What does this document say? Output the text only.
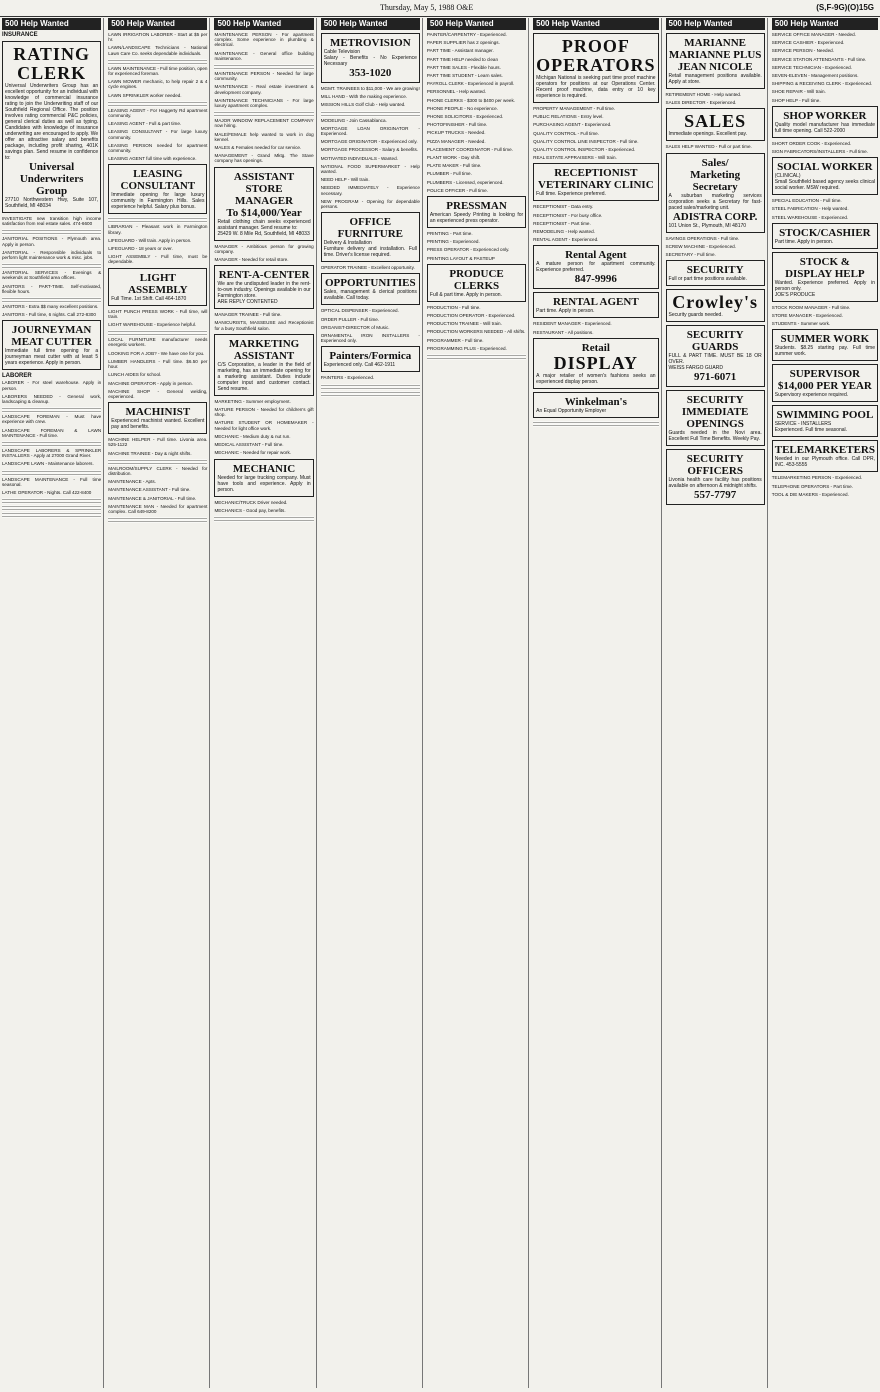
Thursday, May 5, 1988 O&E	(S,F-9G)(O)15G
500 Help Wanted
INSURANCE
RATING
CLERK
Universal Underwriters Group has an excellent opportunity for an individual with knowledge of commercial insurance rating to join the Underwriting staff of our Southfield Regional Office. The position involves rating commercial P&C policies, general clerical duties as well as typing. Candidates with knowledge of insurance underwriting are encouraged to apply. We offer an attractive salary and benefits package, including profit sharing, 401K savings plan. Send resume in confidence to:
Universal Underwriters Group
27710 Northwestern Hwy, Suite 107, Southfield, MI 48034
INVESTIGATE new transition high income satisfaction from real estate sales. 474-6600
JANITORIAL POSITIONS - Plymouth area. Apply in person.
JANITORIAL - Responsible individuals to perform light maintenance work & misc. jobs.
JANITORIAL SERVICES - Evenings & weekends at Southfield area offices.
JANITORS - PART-TIME. Self-motivated, flexible hours.
JANITORS - Extra $$ many excellent positions.
JANITORS - Full time, 6 nights. Call 272-8300
JOURNEYMAN
MEAT CUTTER
Immediate full time opening for a journeyman meat cutter with at least 5 years experience. Apply in person.
LABORER
LABORER - For steel warehouse. Apply in person.
LABORERS NEEDED - General work, landscaping & cleanup.
LANDSCAPE FOREMAN - Must have experience with crew.
LANDSCAPE FOREMAN & LAWN MAINTENANCE - Full time.
LANDSCAPE LABORERS & SPRINKLER INSTALLERS - Apply at 27000 Grand River.
LANDSCAPE LAWN - Maintenance laborers.
LANDSCAPE MAINTENANCE - Full time seasonal.
LATHE OPERATOR - Nights. Call 422-8400
500 Help Wanted
LAWN IRRIGATION LABORER - Start at $5 per hr.
LAWN/LANDSCAPE Technicians - National Lawn Care Co. seeks dependable individuals.
LAWN MAINTENANCE - Full time position, open for experienced foreman.
LAWN MOWER mechanic, to help repair 2 & 4 cycle engines.
LAWN SPRINKLER worker needed.
LEASING AGENT - For Haggerty Rd apartment community.
LEASING AGENT - Full & part time.
LEASING CONSULTANT - For large luxury community.
LEASING PERSON needed for apartment community.
LEASING AGENT full time with experience.
LEASING
CONSULTANT
Immediate opening for large luxury community in Farmington Hills. Sales experience helpful. Salary plus bonus.
LIBRARIAN - Pleasant work in Farmington library.
LIFEGUARD - Will train. Apply in person.
LIFEGUARD - 18 years or over.
LIGHT ASSEMBLY - Full time, must be dependable.
LIGHT
ASSEMBLY
Full Time. 1st Shift. Call 464-1870
LIGHT PUNCH PRESS WORK - Full time, will train.
LIGHT WAREHOUSE - Experience helpful.
LOCAL FURNITURE manufacturer needs energetic workers.
LOOKING FOR A JOB? - We have one for you.
LUMBER HANDLERS - Full time. $6.50 per hour.
LUNCH AIDES for school.
MACHINE OPERATOR - Apply in person.
MACHINE SHOP - General welding, experienced.
MACHINIST
Experienced machinist wanted. Excellent pay and benefits.
MACHINE HELPER - Full time. Livonia area. 525-1122
MACHINE TRAINEE - Day & night shifts.
MAILROOM/SUPPLY CLERK - Needed for distribution.
MAINTENANCE - Apts.
MAINTENANCE ASSISTANT - Full time.
MAINTENANCE & JANITORIAL - Full time.
MAINTENANCE MAN - Needed for apartment complex. Call 649-8200
500 Help Wanted
MAINTENANCE PERSON - For apartment complex. Some experience in plumbing & electrical.
MAINTENANCE - General office building maintenance.
MAINTENANCE PERSON - Needed for large community.
MAINTENANCE - Real estate investment & development company.
MAINTENANCE TECHNICIANS - For large luxury apartment complex.
MAJOR WINDOW REPLACEMENT COMPANY now hiring.
MALE/FEMALE help wanted to work in dog kennel.
MALES & Females needed for car service.
MANAGEMENT - Grand Mktg. The Stave company has openings.
ASSISTANT
STORE MANAGER
To $14,000/Year
Retail clothing chain seeks experienced assistant manager. Send resume to:
25429 W. 8 Mile Rd, Southfield, MI 48033
MANAGER - Ambitious person for growing company.
MANAGER - Needed for retail store.
RENT-A-CENTER
We are the undisputed leader in the rent-to-own industry. Openings available in our Farmington store.
ARE REPLY CONTENTED
MANAGER TRAINEE - Full time.
MANICURISTS, MASSEUSE and Receptionist for a busy Southfield salon.
MARKETING
ASSISTANT
C/S Corporation, a leader in the field of marketing, has an immediate opening for a marketing assistant. Duties include computer input and customer contact. Send resume.
MARKETING - Summer employment.
MATURE PERSON - Needed for children's gift shop.
MATURE STUDENT OR HOMEMAKER - Needed for light office work.
MECHANIC - Medium duty & nut run.
MEDICAL ASSISTANT - Full time.
MECHANIC - Needed for repair work.
MECHANIC
Needed for large trucking company. Must have tools and experience. Apply in person.
MECHANIC/TRUCK Driver needed.
MECHANICS - Good pay, benefits.
500 Help Wanted
METROVISION
Cable Television
Salary - Benefits - No Experience Necessary
353-1020
MGMT. TRAINEES to $11,000 - We are growing!
MILL HAND - With the making experience.
MISSION HILLS Golf Club - Help wanted.
MODELING - Join Cassablanca.
MORTGAGE LOAN ORIGINATOR - Experienced.
MORTGAGE ORIGINATOR - Experienced only.
MORTGAGE PROCESSOR - Salary & benefits.
MOTIVATED INDIVIDUALS - Wanted.
NATIONAL FOOD SUPERMARKET - Help wanted.
NEED HELP - Will train.
NEEDED IMMEDIATELY - Experience necessary.
NEW PROGRAM - Opening for dependable persons.
OFFICE FURNITURE
Delivery & Installation
Furniture delivery and installation. Full time. Driver's license required.
OPERATOR TRAINEE - Excellent opportunity.
OPPORTUNITIES
Sales, management & clerical positions available. Call today.
OPTICAL DISPENSER - Experienced.
ORDER PULLER - Full time.
ORGANIST-DIRECTOR of Music.
ORNAMENTAL IRON INSTALLERS - Experienced only.
Painters/Formica
Experienced only. Call 462-1911
PAINTERS - Experienced.
500 Help Wanted
PAINTER/CARPENTRY - Experienced.
PAPER SUPPLIER has 2 openings.
PART TIME - Assistant manager.
PART TIME HELP needed to clean
PART TIME SALES - Flexible hours.
PART TIME STUDENT - Learn sales.
PAYROLL CLERK - Experienced in payroll.
PERSONNEL - Help wanted.
PHONE CLERKS - $300 to $400 per week.
PHONE PEOPLE - No experience.
PHONE SOLICITORS - Experienced.
PHOTOFINISHER - Full time.
PICKUP TRUCKS - Needed.
PIZZA MANAGER - Needed.
PLACEMENT COORDINATOR - Full time.
PLANT WORK - Day shift.
PLATE MAKER - Full time.
PLUMBER - Full time.
PLUMBERS - Licensed, experienced.
POLICE OFFICER - Full time.
PRESSMAN
American Speedy Printing is looking for an experienced press operator.
PRINTING - Part time.
PRINTING - Experienced.
PRESS OPERATOR - Experienced only.
PRINTING LAYOUT & PASTEUP
PRODUCE CLERKS
Full & part time. Apply in person.
PRODUCTION - Full time.
PRODUCTION OPERATOR - Experienced.
PRODUCTION TRAINEE - Will train.
PRODUCTION WORKERS NEEDED - All shifts.
PROGRAMMER - Full time.
PROGRAMMING PLUS - Experienced.
500 Help Wanted
PROOF
OPERATORS
Michigan National is seeking part time proof machine operators for positions at our Operations Center. Recent proof machine, data entry or 10 key experience is required.
PROPERTY MANAGEMENT - Full time.
PUBLIC RELATIONS - Entry level.
PURCHASING AGENT - Experienced.
QUALITY CONTROL - Full time.
QUALITY CONTROL LINE INSPECTOR - Full time.
QUALITY CONTROL INSPECTOR - Experienced.
REAL ESTATE APPRAISERS - Will train.
RECEPTIONIST
VETERINARY CLINIC
Full time. Experience preferred.
RECEPTIONIST - Data entry.
RECEPTIONIST - For busy office.
RECEPTIONIST - Part time.
REMODELING - Help wanted.
RENTAL AGENT - Experienced.
Rental Agent
A mature person for apartment community. Experience preferred.
847-9996
RENTAL AGENT
Part time. Apply in person.
RESIDENT MANAGER - Experienced.
RESTAURANT - All positions.
Retail
DISPLAY
A major retailer of women's fashions seeks an experienced display person.
Winkelman's
An Equal Opportunity Employer
500 Help Wanted
MARIANNE
MARIANNE PLUS
JEAN NICOLE
Retail management positions available. Apply at store.
RETIREMENT HOME - Help wanted.
SALES DIRECTOR - Experienced.
SALES
Immediate openings. Excellent pay.
SALES HELP WANTED - Full or part time.
Sales/
Marketing Secretary
A suburban marketing services corporation seeks a Secretary for fast-paced sales/marketing unit.
ADISTRA CORP.
101 Union St., Plymouth, MI 48170
SAVINGS OPERATIONS - Full time.
SCREW MACHINE - Experienced.
SECRETARY - Full time.
SECURITY
Full or part time positions available.
Crowley's
Security guards needed.
SECURITY GUARDS
FULL & PART TIME. MUST BE 18 OR OVER.
WEISS FARGO GUARD
971-6071
SECURITY
IMMEDIATE
OPENINGS
Guards needed in the Novi area. Excellent Full Time Benefits. Weekly Pay.
SECURITY
OFFICERS
Livonia health care facility has positions available on afternoon & midnight shifts.
557-7797
500 Help Wanted
SERVICE OFFICE MANAGER - Needed.
SERVICE CASHIER - Experienced.
SERVICE PERSON - Needed.
SERVICE STATION ATTENDANTS - Full time.
SERVICE TECHNICIAN - Experienced.
SEVEN-ELEVEN - Management positions.
SHIPPING & RECEIVING CLERK - Experienced.
SHOE REPAIR - Will train.
SHOP HELP - Full time.
SHOP WORKER
Quality model manufacturer has immediate full time opening. Call 522-2000
SHORT ORDER COOK - Experienced.
SIGN FABRICATORS/INSTALLERS - Full time.
SOCIAL WORKER
(CLINICAL)
Small Southfield based agency seeks clinical social worker. MSW required.
SPECIAL EDUCATION - Full time.
STEEL FABRICATION - Help wanted.
STEEL WAREHOUSE - Experienced.
STOCK/CASHIER
Part time. Apply in person.
STOCK &
DISPLAY HELP
Wanted. Experience preferred. Apply in person only.
JOE'S PRODUCE
STOCK ROOM MANAGER - Full time.
STORE MANAGER - Experienced.
STUDENTS - Summer work.
SUMMER WORK
Students. $8.25 starting pay. Full time summer work.
SUPERVISOR
$14,000 PER YEAR
Supervisory experience required.
SWIMMING POOL
SERVICE - INSTALLERS
Experienced. Full time seasonal.
TELEMARKETERS
Needed in our Plymouth office. Call DPR, INC. 453-5555
TELEMARKETING PERSON - Experienced.
TELEPHONE OPERATORS - Part time.
TOOL & DIE MAKERS - Experienced.
